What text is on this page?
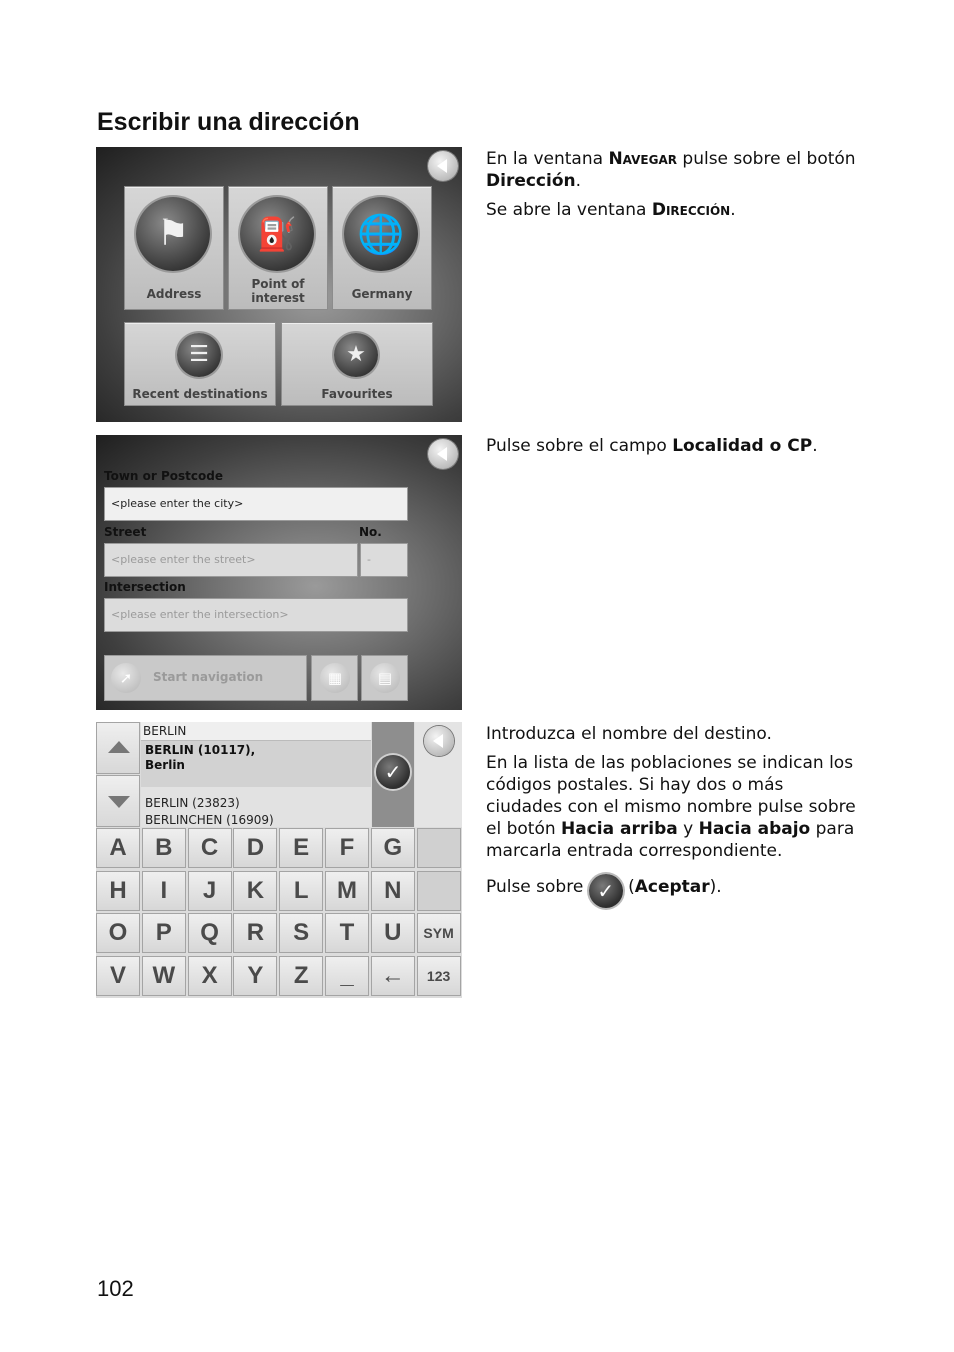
Escribir una dirección
⚑
Address
⛽
Point of interest
🌐
Germany
☰
Recent destinations
★
Favourites

En la ventana Navegar pulse sobre el botón Dirección.

Se abre la ventana Dirección.

Town or Postcode
<please enter the city>
Street	No.
<please enter the street>	-
Intersection
<please enter the intersection>
➚	Start navigation	▦	▤

Pulse sobre el campo Localidad o CP.

BERLIN
BERLIN (10117),
Berlin
BERLIN (23823)
BERLINCHEN (16909)
✓
A	B	C	D	E	F	G
H	I	J	K	L	M	N
O	P	Q	R	S	T	U	SYM
V	W	X	Y	Z	_	←	123

Introduzca el nombre del destino.

En la lista de las poblaciones se indican los códigos postales. Si hay dos o más ciudades con el mismo nombre pulse sobre el botón Hacia arriba y Hacia abajo para marcarla entrada correspondiente.

Pulse sobre ✓ (Aceptar).

102
